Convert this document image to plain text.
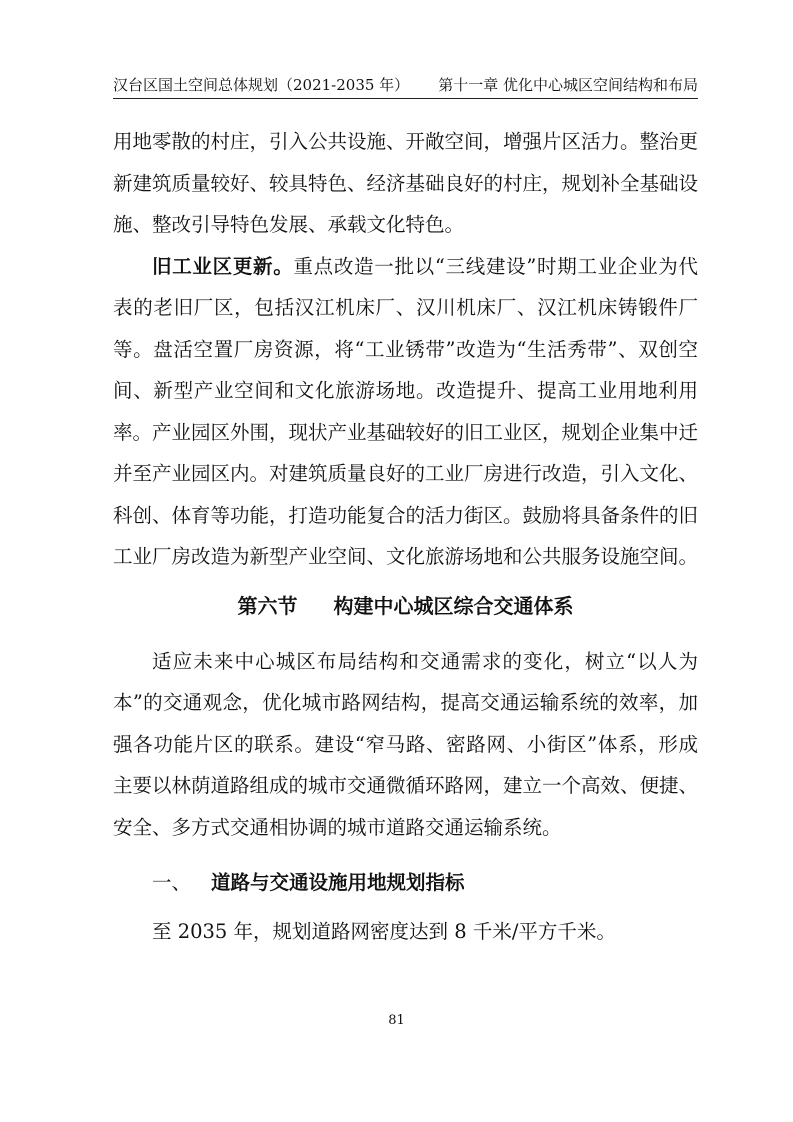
汉台区国土空间总体规划（2021-2035 年） 第十一章 优化中心城区空间结构和布局

用地零散的村庄，引入公共设施、开敞空间，增强片区活力。整治更新建筑质量较好、较具特色、经济基础良好的村庄，规划补全基础设施、整改引导特色发展、承载文化特色。

旧工业区更新。重点改造一批以“三线建设”时期工业企业为代表的老旧厂区，包括汉江机床厂、汉川机床厂、汉江机床铸锻件厂等。盘活空置厂房资源，将“工业锈带”改造为“生活秀带”、双创空间、新型产业空间和文化旅游场地。改造提升、提高工业用地利用率。产业园区外围，现状产业基础较好的旧工业区，规划企业集中迁并至产业园区内。对建筑质量良好的工业厂房进行改造，引入文化、科创、体育等功能，打造功能复合的活力街区。鼓励将具备条件的旧工业厂房改造为新型产业空间、文化旅游场地和公共服务设施空间。

第六节 构建中心城区综合交通体系

适应未来中心城区布局结构和交通需求的变化，树立“以人为本”的交通观念，优化城市路网结构，提高交通运输系统的效率，加强各功能片区的联系。建设“窄马路、密路网、小街区”体系，形成主要以林荫道路组成的城市交通微循环路网，建立一个高效、便捷、安全、多方式交通相协调的城市道路交通运输系统。

一、 道路与交通设施用地规划指标

至 2035 年，规划道路网密度达到 8 千米/平方千米。

81
